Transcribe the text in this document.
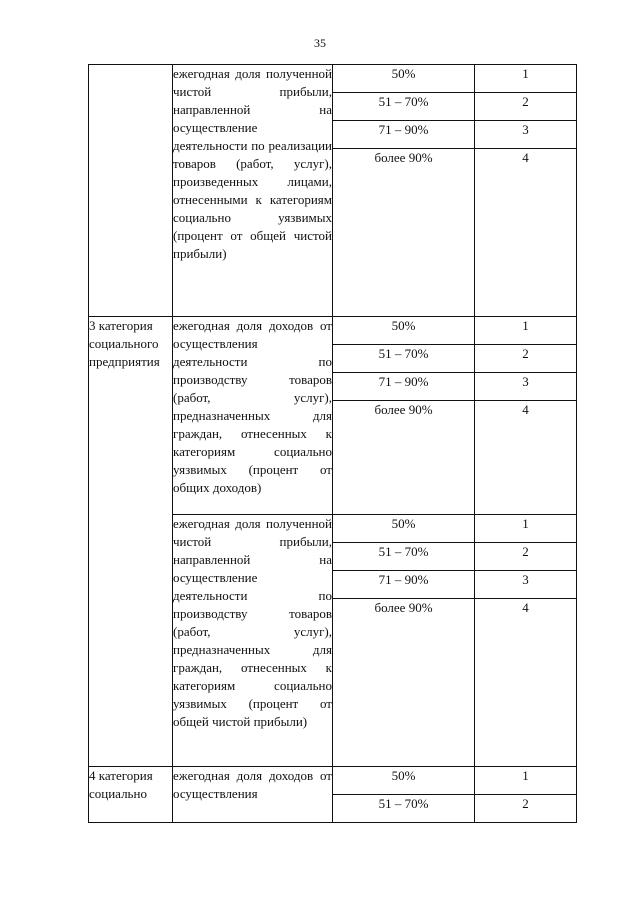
35
	ежегодная доля полученной чистой прибыли, направленной на осуществление деятельности по реализации товаров (работ, услуг), произведенных лицами, отнесенными к категориям социально уязвимых (процент от общей чистой прибыли)	50%	1

		51 – 70%	2

		71 – 90%	3

		более 90%	4

3 категория социального предприятия	ежегодная доля доходов от осуществления деятельности по производству товаров (работ, услуг), предназначенных для граждан, отнесенных к категориям социально уязвимых (процент от общих доходов)	50%	1

		51 – 70%	2

		71 – 90%	3

		более 90%	4

	ежегодная доля полученной чистой прибыли, направленной на осуществление деятельности по производству товаров (работ, услуг), предназначенных для граждан, отнесенных к категориям социально уязвимых (процент от общей чистой прибыли)	50%	1

		51 – 70%	2

		71 – 90%	3

		более 90%	4

4 категория социально	ежегодная доля доходов от осуществления	50%	1

		51 – 70%	2
